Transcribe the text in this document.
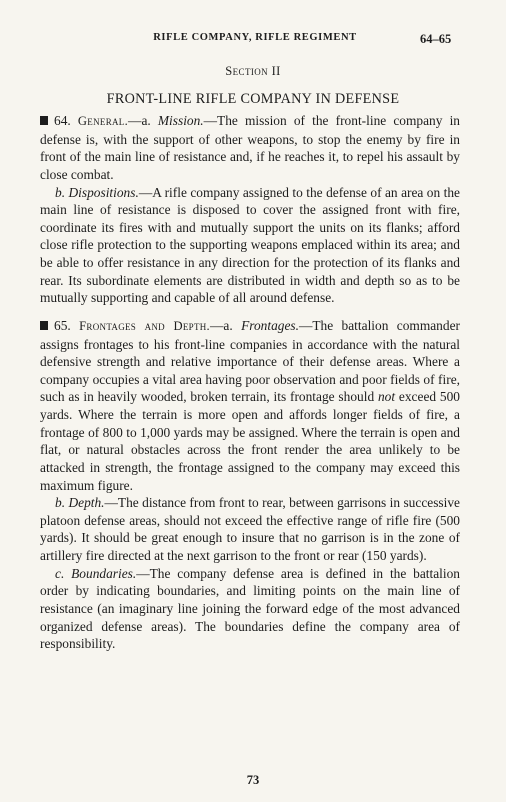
RIFLE COMPANY, RIFLE REGIMENT	64–65
Section II
FRONT-LINE RIFLE COMPANY IN DEFENSE

64. General.—a. Mission.—The mission of the front-line company in defense is, with the support of other weapons, to stop the enemy by fire in front of the main line of resistance and, if he reaches it, to repel his assault by close combat.

b. Dispositions.—A rifle company assigned to the defense of an area on the main line of resistance is disposed to cover the assigned front with fire, coordinate its fires with and mutually support the units on its flanks; afford close rifle protection to the supporting weapons emplaced within its area; and be able to offer resistance in any direction for the protection of its flanks and rear. Its subordinate elements are distributed in width and depth so as to be mutually supporting and capable of all around defense.

65. Frontages and Depth.—a. Frontages.—The battalion commander assigns frontages to his front-line companies in accordance with the natural defensive strength and relative importance of their defense areas. Where a company occupies a vital area having poor observation and poor fields of fire, such as in heavily wooded, broken terrain, its frontage should not exceed 500 yards. Where the terrain is more open and affords longer fields of fire, a frontage of 800 to 1,000 yards may be assigned. Where the terrain is open and flat, or natural obstacles across the front render the area unlikely to be attacked in strength, the frontage assigned to the company may exceed this maximum figure.

b. Depth.—The distance from front to rear, between garrisons in successive platoon defense areas, should not exceed the effective range of rifle fire (500 yards). It should be great enough to insure that no garrison is in the zone of artillery fire directed at the next garrison to the front or rear (150 yards).

c. Boundaries.—The company defense area is defined in the battalion order by indicating boundaries, and limiting points on the main line of resistance (an imaginary line joining the forward edge of the most advanced organized defense areas). The boundaries define the company area of responsibility.

73
